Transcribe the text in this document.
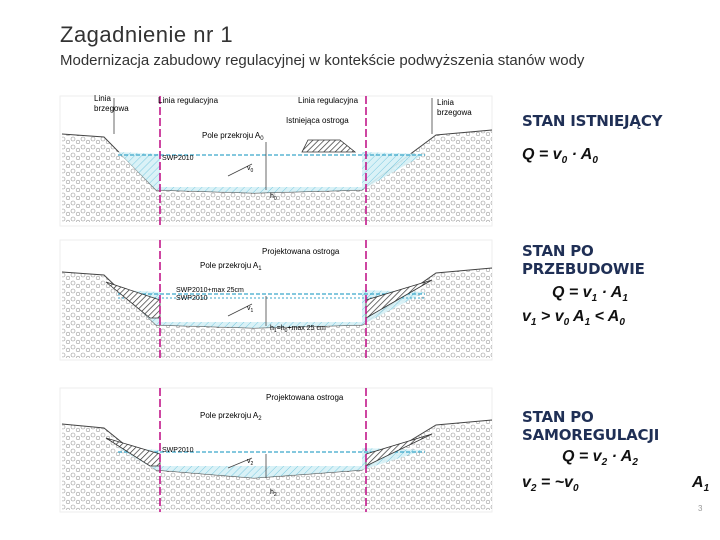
Zagadnienie nr 1
Modernizacja zabudowy regulacyjnej w kontekście podwyższenia stanów wody
Linia
brzegowa
Linia regulacyjna	Linia regulacyjna	Linia
brzegowa
Pole przekroju $A_0$
Istniejąca ostroga
SWP2010
$v_0$
$h_0$
Projektowana ostroga
Pole przekroju $A_1$
SWP2010+max 25cm
SWP2010
$v_1$
$h_1=h_0+\max$ 25 cm
Projektowana ostroga
Pole przekroju $A_2$
SWP2010
$v_2$
$h_2$
STAN ISTNIEJĄCY
$Q = v_0 \cdot A_0$
STAN PO PRZEBUDOWIE
$Q = v_1 \cdot A_1$
$v_1 > v_0$ $A_1 < A_0$
STAN PO SAMOREGULACJI
$Q = v_2 \cdot A_2$
$v_2$ = $\sim v_0$	$A_1$
3
